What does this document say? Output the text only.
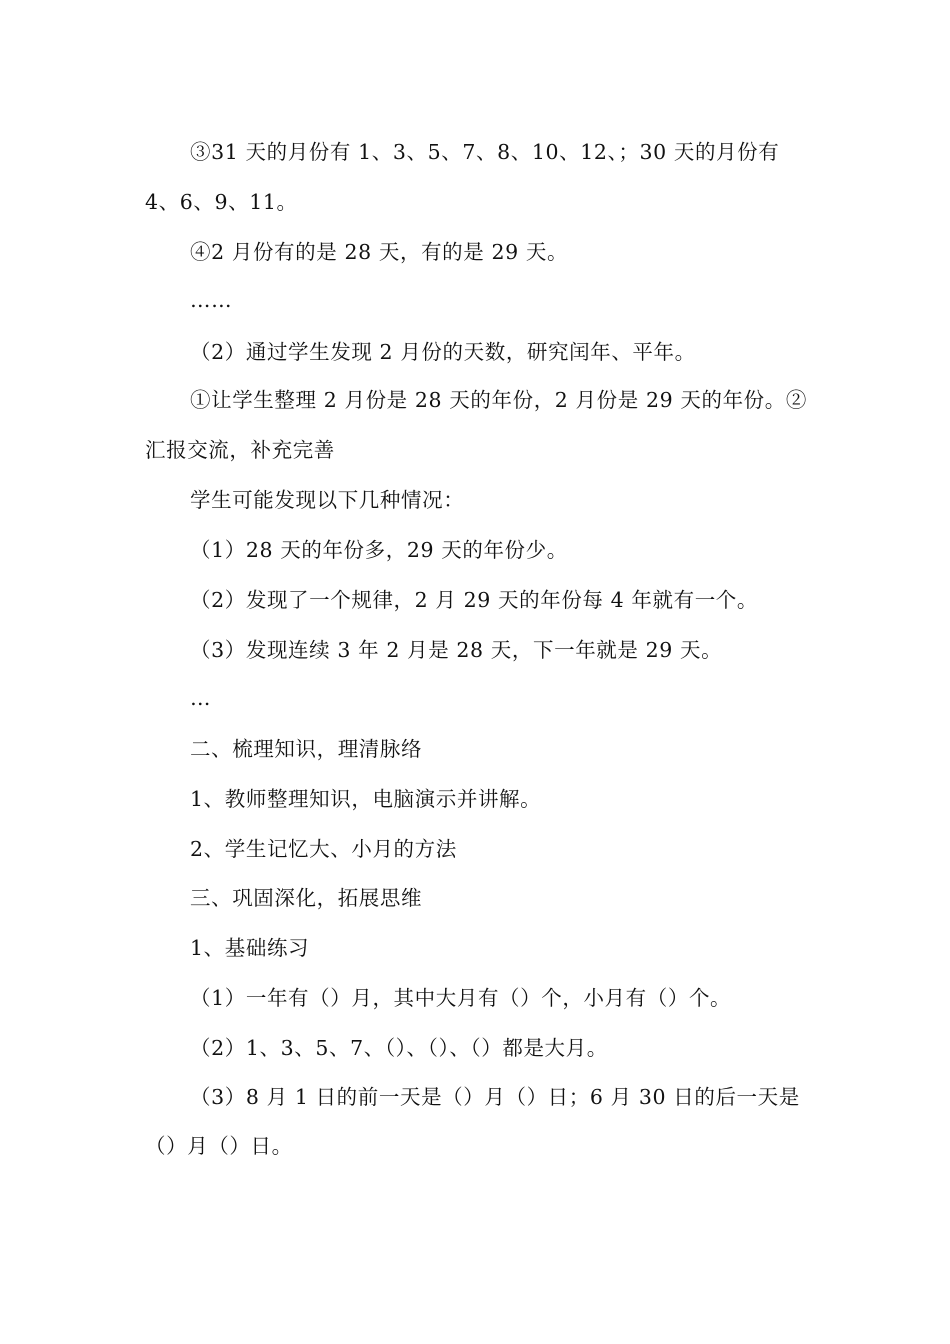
③31 天的月份有 1、3、5、7、8、10、12、；30 天的月份有
4、6、9、11。
④2 月份有的是 28 天，有的是 29 天。
……
（2）通过学生发现 2 月份的天数，研究闰年、平年。
①让学生整理 2 月份是 28 天的年份，2 月份是 29 天的年份。②
汇报交流，补充完善
学生可能发现以下几种情况：
（1）28 天的年份多，29 天的年份少。
（2）发现了一个规律，2 月 29 天的年份每 4 年就有一个。
（3）发现连续 3 年 2 月是 28 天，下一年就是 29 天。
…
二、梳理知识，理清脉络
1、教师整理知识，电脑演示并讲解。
2、学生记忆大、小月的方法
三、巩固深化，拓展思维
1、基础练习
（1）一年有（）月，其中大月有（）个，小月有（）个。
（2）1、3、5、7、（）、（）、（）都是大月。
（3）8 月 1 日的前一天是（）月（）日；6 月 30 日的后一天是
（）月（）日。
